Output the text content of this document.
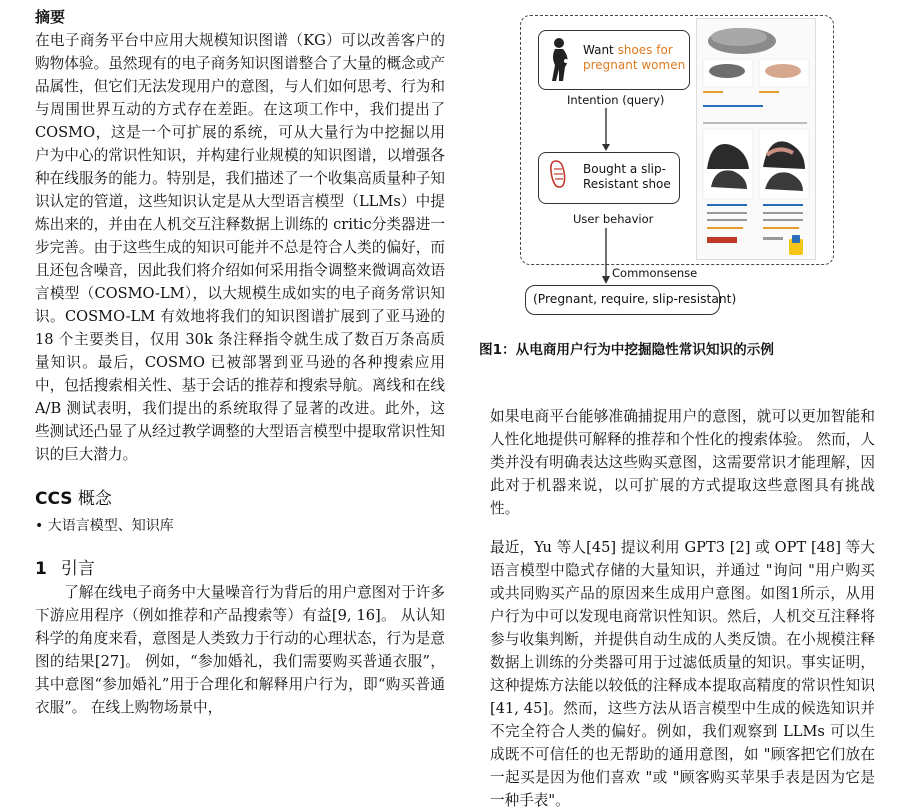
摘要

在电子商务平台中应用大规模知识图谱（KG）可以改善客户的购物体验。虽然现有的电子商务知识图谱整合了大量的概念或产品属性，但它们无法发现用户的意图，与人们如何思考、行为和与周围世界互动的方式存在差距。在这项工作中，我们提出了 COSMO，这是一个可扩展的系统，可从大量行为中挖掘以用户为中心的常识性知识，并构建行业规模的知识图谱，以增强各种在线服务的能力。特别是，我们描述了一个收集高质量种子知识认定的管道，这些知识认定是从大型语言模型（LLMs）中提炼出来的，并由在人机交互注释数据上训练的 critic分类器进一步完善。由于这些生成的知识可能并不总是符合人类的偏好，而且还包含噪音，因此我们将介绍如何采用指令调整来微调高效语言模型（COSMO-LM），以大规模生成如实的电子商务常识知识。COSMO-LM 有效地将我们的知识图谱扩展到了亚马逊的 18 个主要类目，仅用 30k 条注释指令就生成了数百万条高质量知识。最后，COSMO 已被部署到亚马逊的各种搜索应用中，包括搜索相关性、基于会话的推荐和搜索导航。离线和在线 A/B 测试表明，我们提出的系统取得了显著的改进。此外，这些测试还凸显了从经过教学调整的大型语言模型中提取常识性知识的巨大潜力。

CCS 概念

• 大语言模型、知识库

1 引言

了解在线电子商务中大量噪音行为背后的用户意图对于许多下游应用程序（例如推荐和产品搜索等）有益[9, 16]。 从认知科学的角度来看，意图是人类致力于行动的心理状态，行为是意图的结果[27]。 例如，“参加婚礼，我们需要购买普通衣服”，其中意图“参加婚礼”用于合理化和解释用户行为，即“购买普通衣服”。 在线上购物场景中，

Want shoes for
pregnant women
Intention (query)
Bought a slip-
Resistant shoe
User behavior
Commonsense
(Pregnant, require, slip-resistant)
图1：从电商用户行为中挖掘隐性常识知识的示例

如果电商平台能够准确捕捉用户的意图，就可以更加智能和人性化地提供可解释的推荐和个性化的搜索体验。 然而，人类并没有明确表达这些购买意图，这需要常识才能理解，因此对于机器来说，以可扩展的方式提取这些意图具有挑战性。

最近，Yu 等人[45] 提议利用 GPT3 [2] 或 OPT [48] 等大语言模型中隐式存储的大量知识，并通过 "询问 "用户购买或共同购买产品的原因来生成用户意图。如图1所示，从用户行为中可以发现电商常识性知识。然后，人机交互注释将参与收集判断，并提供自动生成的人类反馈。在小规模注释数据上训练的分类器可用于过滤低质量的知识。事实证明，这种提炼方法能以较低的注释成本提取高精度的常识性知识 [41, 45]。然而，这些方法从语言模型中生成的候选知识并不完全符合人类的偏好。例如，我们观察到 LLMs 可以生成既不可信任的也无帮助的通用意图，如 "顾客把它们放在一起买是因为他们喜欢 "或 "顾客购买苹果手表是因为它是一种手表"。
